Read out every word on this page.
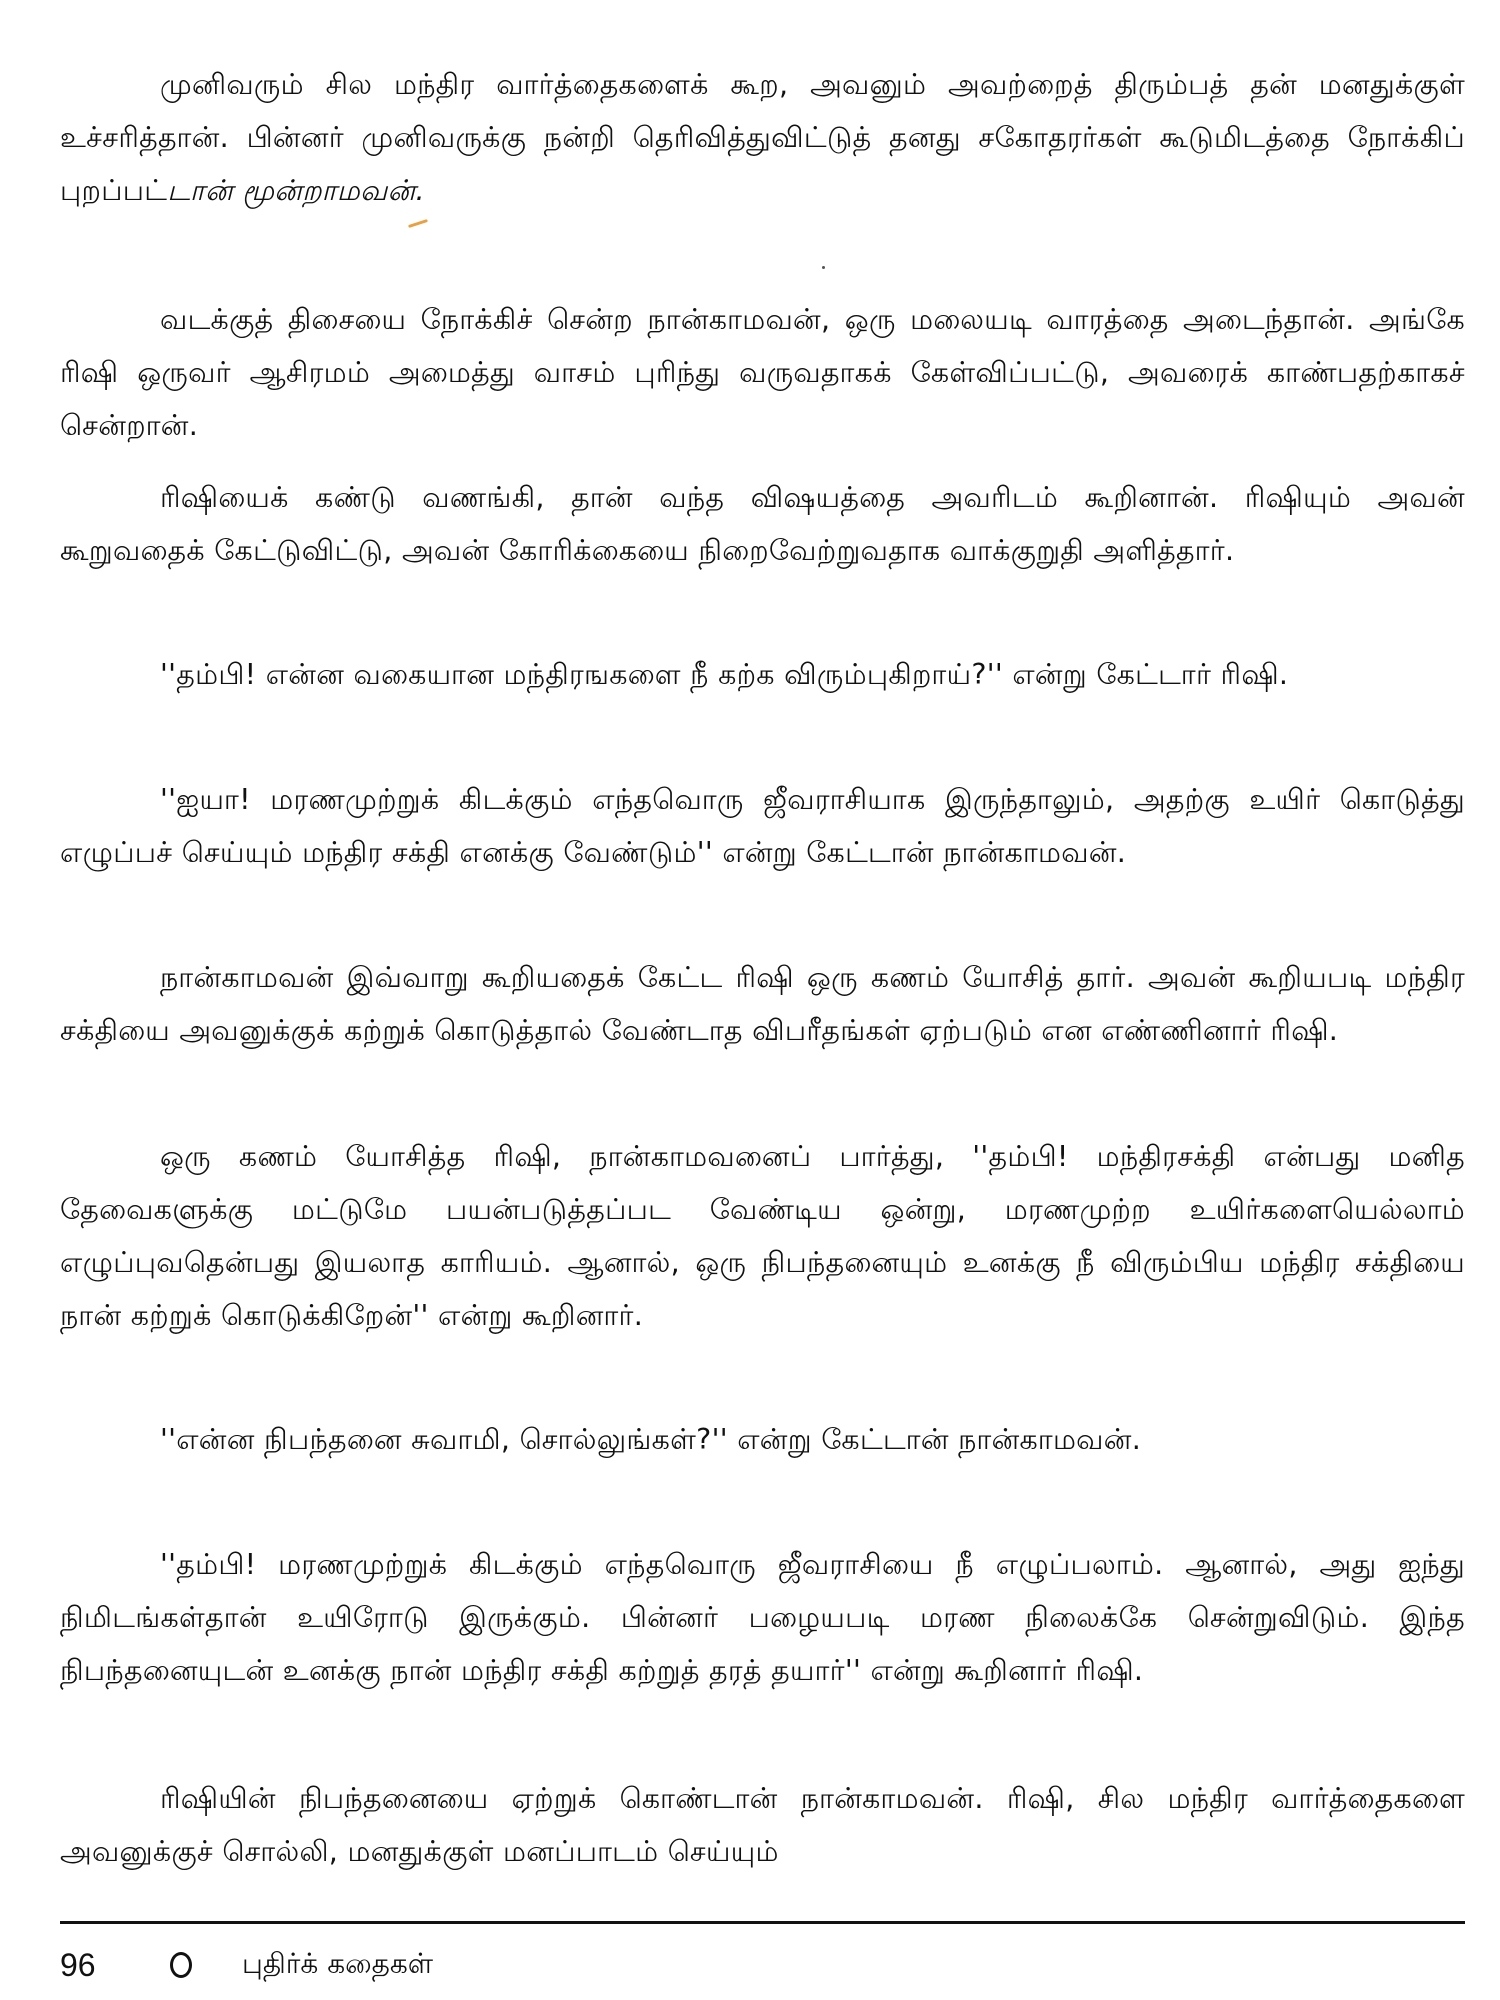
முனிவரும் சில மந்திர வார்த்தைகளைக் கூற, அவனும் அவற்றைத் திரும்பத் தன் மனதுக்குள் உச்சரித்தான். பின்னர் முனிவருக்கு நன்றி தெரிவித்துவிட்டுத் தனது சகோதரர்கள் கூடுமிடத்தை நோக்கிப் புறப்பட்டான் மூன்றாமவன்.

வடக்குத் திசையை நோக்கிச் சென்ற நான்காமவன், ஒரு மலையடி வாரத்தை அடைந்தான். அங்கே ரிஷி ஒருவர் ஆசிரமம் அமைத்து வாசம் புரிந்து வருவதாகக் கேள்விப்பட்டு, அவரைக் காண்பதற்காகச் சென்றான்.

ரிஷியைக் கண்டு வணங்கி, தான் வந்த விஷயத்தை அவரிடம் கூறினான். ரிஷியும் அவன் கூறுவதைக் கேட்டுவிட்டு, அவன் கோரிக்கையை நிறைவேற்றுவதாக வாக்குறுதி அளித்தார்.

''தம்பி! என்ன வகையான மந்திரஙகளை நீ கற்க விரும்புகிறாய்?'' என்று கேட்டார் ரிஷி.

''ஐயா! மரணமுற்றுக் கிடக்கும் எந்தவொரு ஜீவராசியாக இருந்தாலும், அதற்கு உயிர் கொடுத்து எழுப்பச் செய்யும் மந்திர சக்தி எனக்கு வேண்டும்'' என்று கேட்டான் நான்காமவன்.

நான்காமவன் இவ்வாறு கூறியதைக் கேட்ட ரிஷி ஒரு கணம் யோசித் தார். அவன் கூறியபடி மந்திர சக்தியை அவனுக்குக் கற்றுக் கொடுத்தால் வேண்டாத விபரீதங்கள் ஏற்படும் என எண்ணினார் ரிஷி.

ஒரு கணம் யோசித்த ரிஷி, நான்காமவனைப் பார்த்து, ''தம்பி! மந்திரசக்தி என்பது மனித தேவைகளுக்கு மட்டுமே பயன்படுத்தப்பட வேண்டிய ஒன்று, மரணமுற்ற உயிர்களையெல்லாம் எழுப்புவதென்பது இயலாத காரியம். ஆனால், ஒரு நிபந்தனையும் உனக்கு நீ விரும்பிய மந்திர சக்தியை நான் கற்றுக் கொடுக்கிறேன்'' என்று கூறினார்.

''என்ன நிபந்தனை சுவாமி, சொல்லுங்கள்?'' என்று கேட்டான் நான்காமவன்.

''தம்பி! மரணமுற்றுக் கிடக்கும் எந்தவொரு ஜீவராசியை நீ எழுப்பலாம். ஆனால், அது ஐந்து நிமிடங்கள்தான் உயிரோடு இருக்கும். பின்னர் பழையபடி மரண நிலைக்கே சென்றுவிடும். இந்த நிபந்தனையுடன் உனக்கு நான் மந்திர சக்தி கற்றுத் தரத் தயார்'' என்று கூறினார் ரிஷி.

ரிஷியின் நிபந்தனையை ஏற்றுக் கொண்டான் நான்காமவன். ரிஷி, சில மந்திர வார்த்தைகளை அவனுக்குச் சொல்லி, மனதுக்குள் மனப்பாடம் செய்யும்

96	புதிர்க் கதைகள்
